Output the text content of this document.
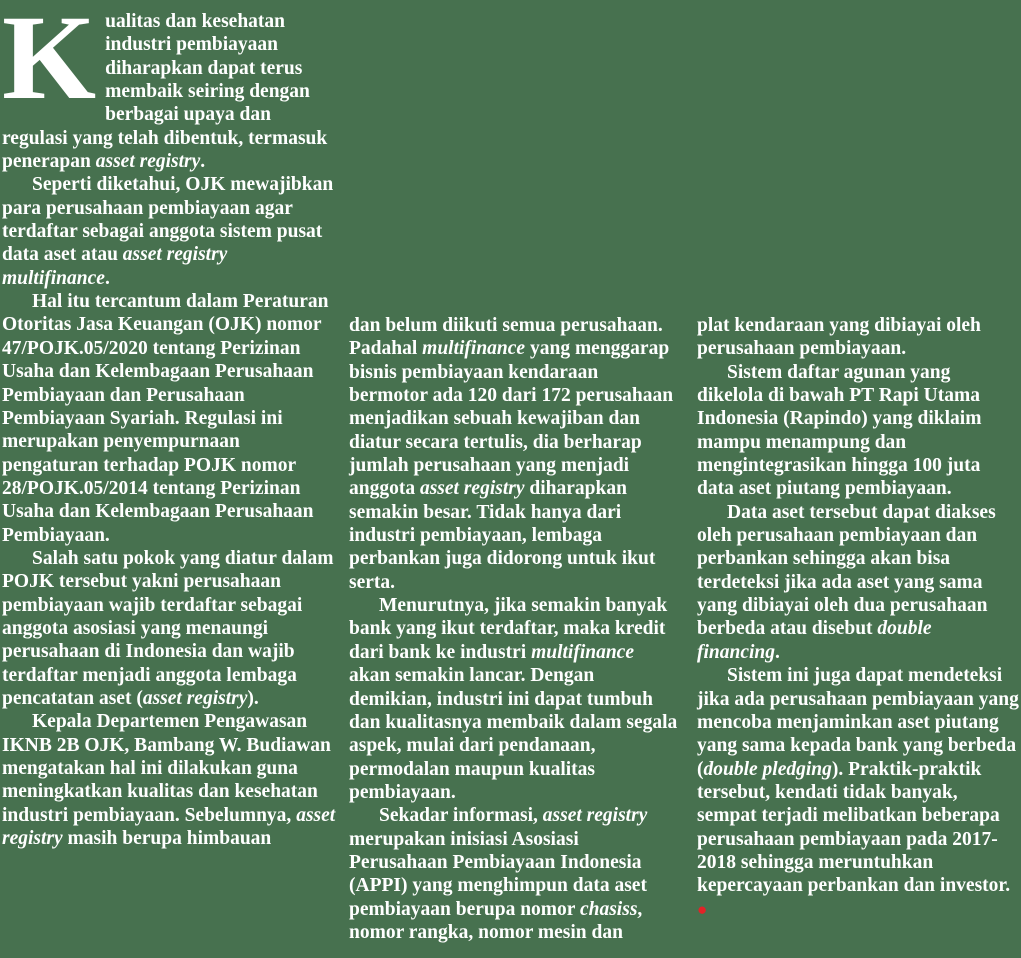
Kualitas dan kesehatan industri pembiayaan diharapkan dapat terus membaik seiring dengan berbagai upaya dan regulasi yang telah dibentuk, termasuk penerapan asset registry.

Seperti diketahui, OJK mewajibkan para perusahaan pembiayaan agar terdaftar sebagai anggota sistem pusat data aset atau asset registry multifinance.

Hal itu tercantum dalam Peraturan Otoritas Jasa Keuangan (OJK) nomor 47/POJK.05/2020 tentang Perizinan Usaha dan Kelembagaan Perusahaan Pembiayaan dan Perusahaan Pembiayaan Syariah. Regulasi ini merupakan penyempurnaan pengaturan terhadap POJK nomor 28/POJK.05/2014 tentang Perizinan Usaha dan Kelembagaan Perusahaan Pembiayaan.

Salah satu pokok yang diatur dalam POJK tersebut yakni perusahaan pembiayaan wajib terdaftar sebagai anggota asosiasi yang menaungi perusahaan di Indonesia dan wajib terdaftar menjadi anggota lembaga pencatatan aset (asset registry).

Kepala Departemen Pengawasan IKNB 2B OJK, Bambang W. Budiawan mengatakan hal ini dilakukan guna meningkatkan kualitas dan kesehatan industri pembiayaan. Sebelumnya, asset registry masih berupa himbauan

dan belum diikuti semua perusahaan. Padahal multifinance yang menggarap bisnis pembiayaan kendaraan bermotor ada 120 dari 172 perusahaan menjadikan sebuah kewajiban dan diatur secara tertulis, dia berharap jumlah perusahaan yang menjadi anggota asset registry diharapkan semakin besar. Tidak hanya dari industri pembiayaan, lembaga perbankan juga didorong untuk ikut serta.

Menurutnya, jika semakin banyak bank yang ikut terdaftar, maka kredit dari bank ke industri multifinance akan semakin lancar. Dengan demikian, industri ini dapat tumbuh dan kualitasnya membaik dalam segala aspek, mulai dari pendanaan, permodalan maupun kualitas pembiayaan.

Sekadar informasi, asset registry merupakan inisiasi Asosiasi Perusahaan Pembiayaan Indonesia (APPI) yang menghimpun data aset pembiayaan berupa nomor chasiss, nomor rangka, nomor mesin dan

plat kendaraan yang dibiayai oleh perusahaan pembiayaan.

Sistem daftar agunan yang dikelola di bawah PT Rapi Utama Indonesia (Rapindo) yang diklaim mampu menampung dan mengintegrasikan hingga 100 juta data aset piutang pembiayaan.

Data aset tersebut dapat diakses oleh perusahaan pembiayaan dan perbankan sehingga akan bisa terdeteksi jika ada aset yang sama yang dibiayai oleh dua perusahaan berbeda atau disebut double financing.

Sistem ini juga dapat mendeteksi jika ada perusahaan pembiayaan yang mencoba menjaminkan aset piutang yang sama kepada bank yang berbeda (double pledging). Praktik-praktik tersebut, kendati tidak banyak, sempat terjadi melibatkan beberapa perusahaan pembiayaan pada 2017-2018 sehingga meruntuhkan kepercayaan perbankan dan investor. ●
